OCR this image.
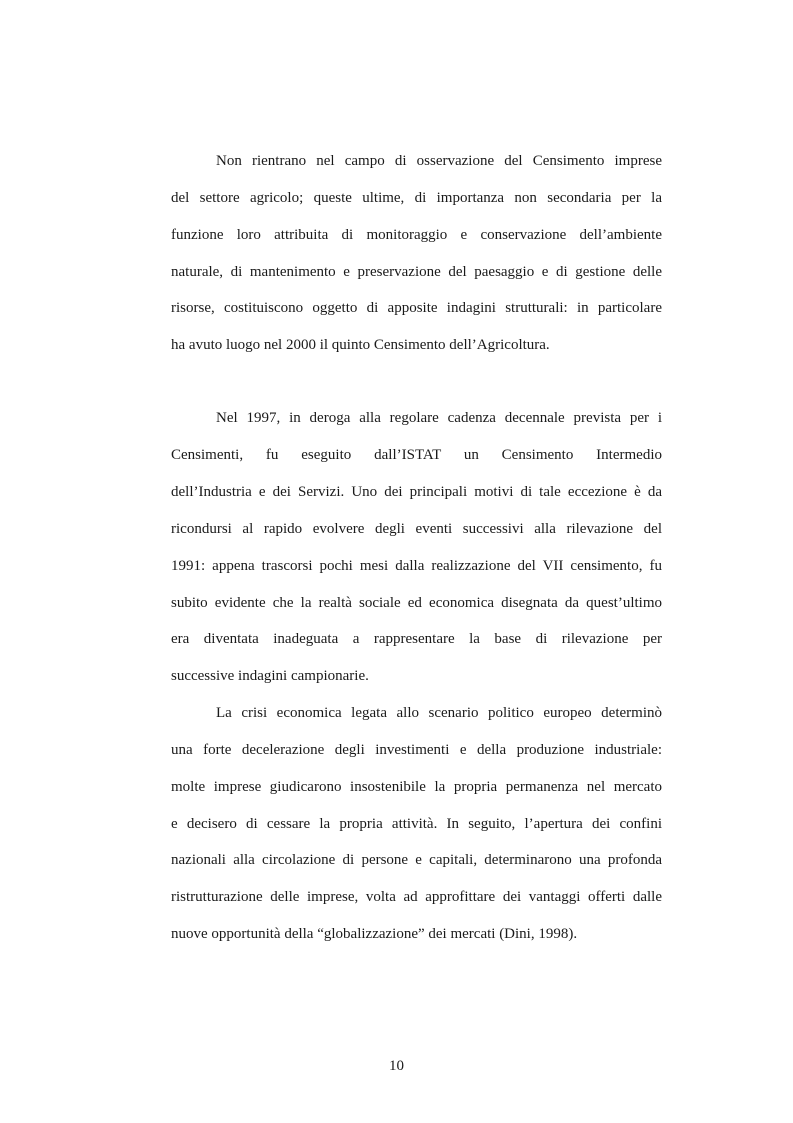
Non rientrano nel campo di osservazione del Censimento imprese
del settore agricolo; queste ultime, di importanza non secondaria per la
funzione loro attribuita di monitoraggio e conservazione dell’ambiente
naturale, di mantenimento e preservazione del paesaggio e di gestione delle
risorse, costituiscono oggetto di apposite indagini strutturali: in particolare
ha avuto luogo nel 2000 il quinto Censimento dell’Agricoltura.
Nel 1997, in deroga alla regolare cadenza decennale prevista per i
Censimenti, fu eseguito dall’ISTAT un Censimento Intermedio
dell’Industria e dei Servizi. Uno dei principali motivi di tale eccezione è da
ricondursi al rapido evolvere degli eventi successivi alla rilevazione del
1991: appena trascorsi pochi mesi dalla realizzazione del VII censimento, fu
subito evidente che la realtà sociale ed economica disegnata da quest’ultimo
era diventata inadeguata a rappresentare la base di rilevazione per
successive indagini campionarie.
La crisi economica legata allo scenario politico europeo determinò
una forte decelerazione degli investimenti e della produzione industriale:
molte imprese giudicarono insostenibile la propria permanenza nel mercato
e decisero di cessare la propria attività. In seguito, l’apertura dei confini
nazionali alla circolazione di persone e capitali, determinarono una profonda
ristrutturazione delle imprese, volta ad approfittare dei vantaggi offerti dalle
nuove opportunità della “globalizzazione” dei mercati (Dini, 1998).
10
